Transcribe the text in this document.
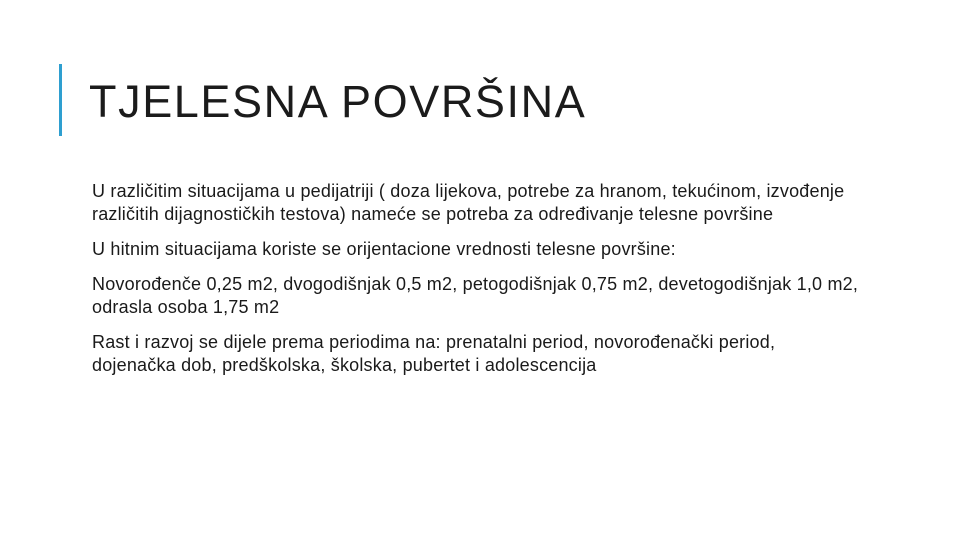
TJELESNA POVRŠINA

U različitim situacijama u pedijatriji ( doza lijekova, potrebe za hranom, tekućinom, izvođenje različitih dijagnostičkih testova) nameće se potreba za određivanje telesne površine

U hitnim situacijama koriste se orijentacione vrednosti telesne površine:

Novorođenče 0,25 m2, dvogodišnjak 0,5 m2, petogodišnjak 0,75 m2, devetogodišnjak 1,0 m2, odrasla osoba 1,75 m2

Rast i razvoj se dijele prema periodima na: prenatalni period, novorođenački period, dojenačka dob, predškolska, školska, pubertet i adolescencija
